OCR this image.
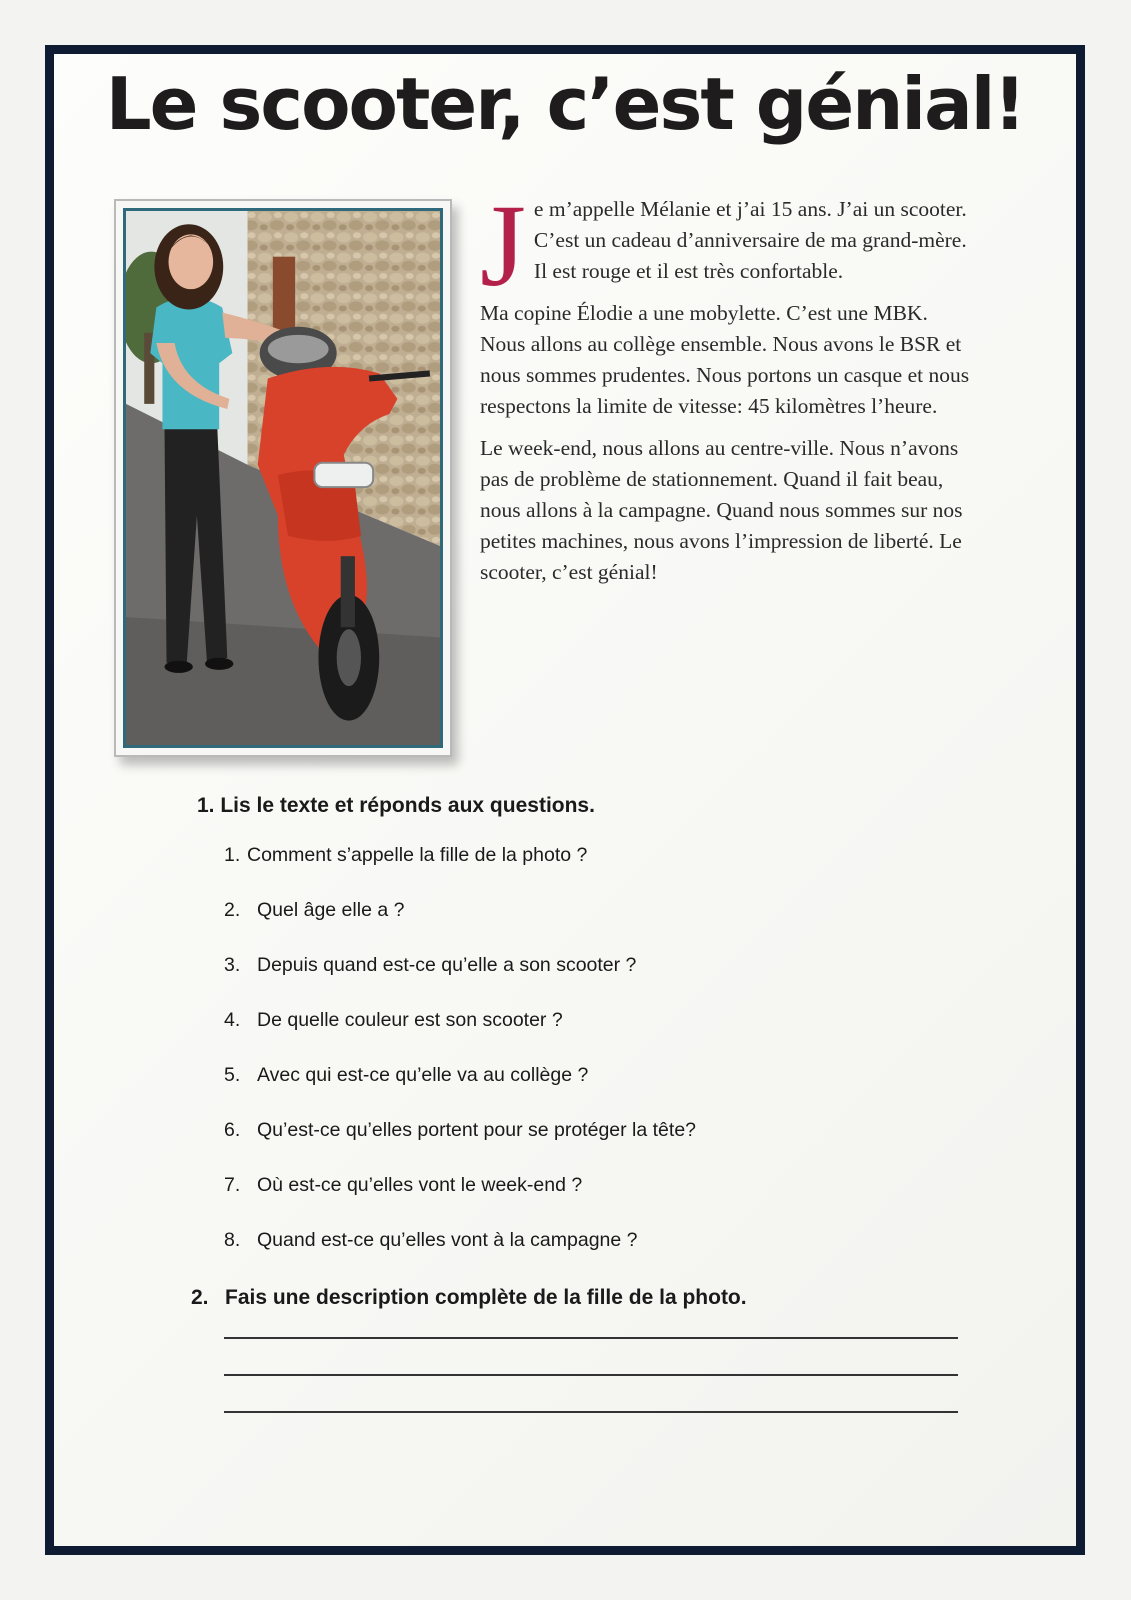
Le scooter, c’est génial!

Je m’appelle Mélanie et j’ai 15 ans. J’ai un scooter. C’est un cadeau d’anniversaire de ma grand-mère. Il est rouge et il est très confortable.

Ma copine Élodie a une mobylette. C’est une MBK. Nous allons au collège ensemble. Nous avons le BSR et nous sommes prudentes. Nous portons un casque et nous respectons la limite de vitesse: 45 kilomètres l’heure.

Le week-end, nous allons au centre-ville. Nous n’avons pas de problème de stationnement. Quand il fait beau, nous allons à la campagne. Quand nous sommes sur nos petites machines, nous avons l’impression de liberté. Le scooter, c’est génial!

1. Lis le texte et réponds aux questions.
1. Comment s’appelle la fille de la photo ?
2. Quel âge elle a ?
3. Depuis quand est-ce qu’elle a son scooter ?
4. De quelle couleur est son scooter ?
5. Avec qui est-ce qu’elle va au collège ?
6. Qu’est-ce qu’elles portent pour se protéger la tête?
7. Où est-ce qu’elles vont le week-end ?
8. Quand est-ce qu’elles vont à la campagne ?
2. Fais une description complète de la fille de la photo.
